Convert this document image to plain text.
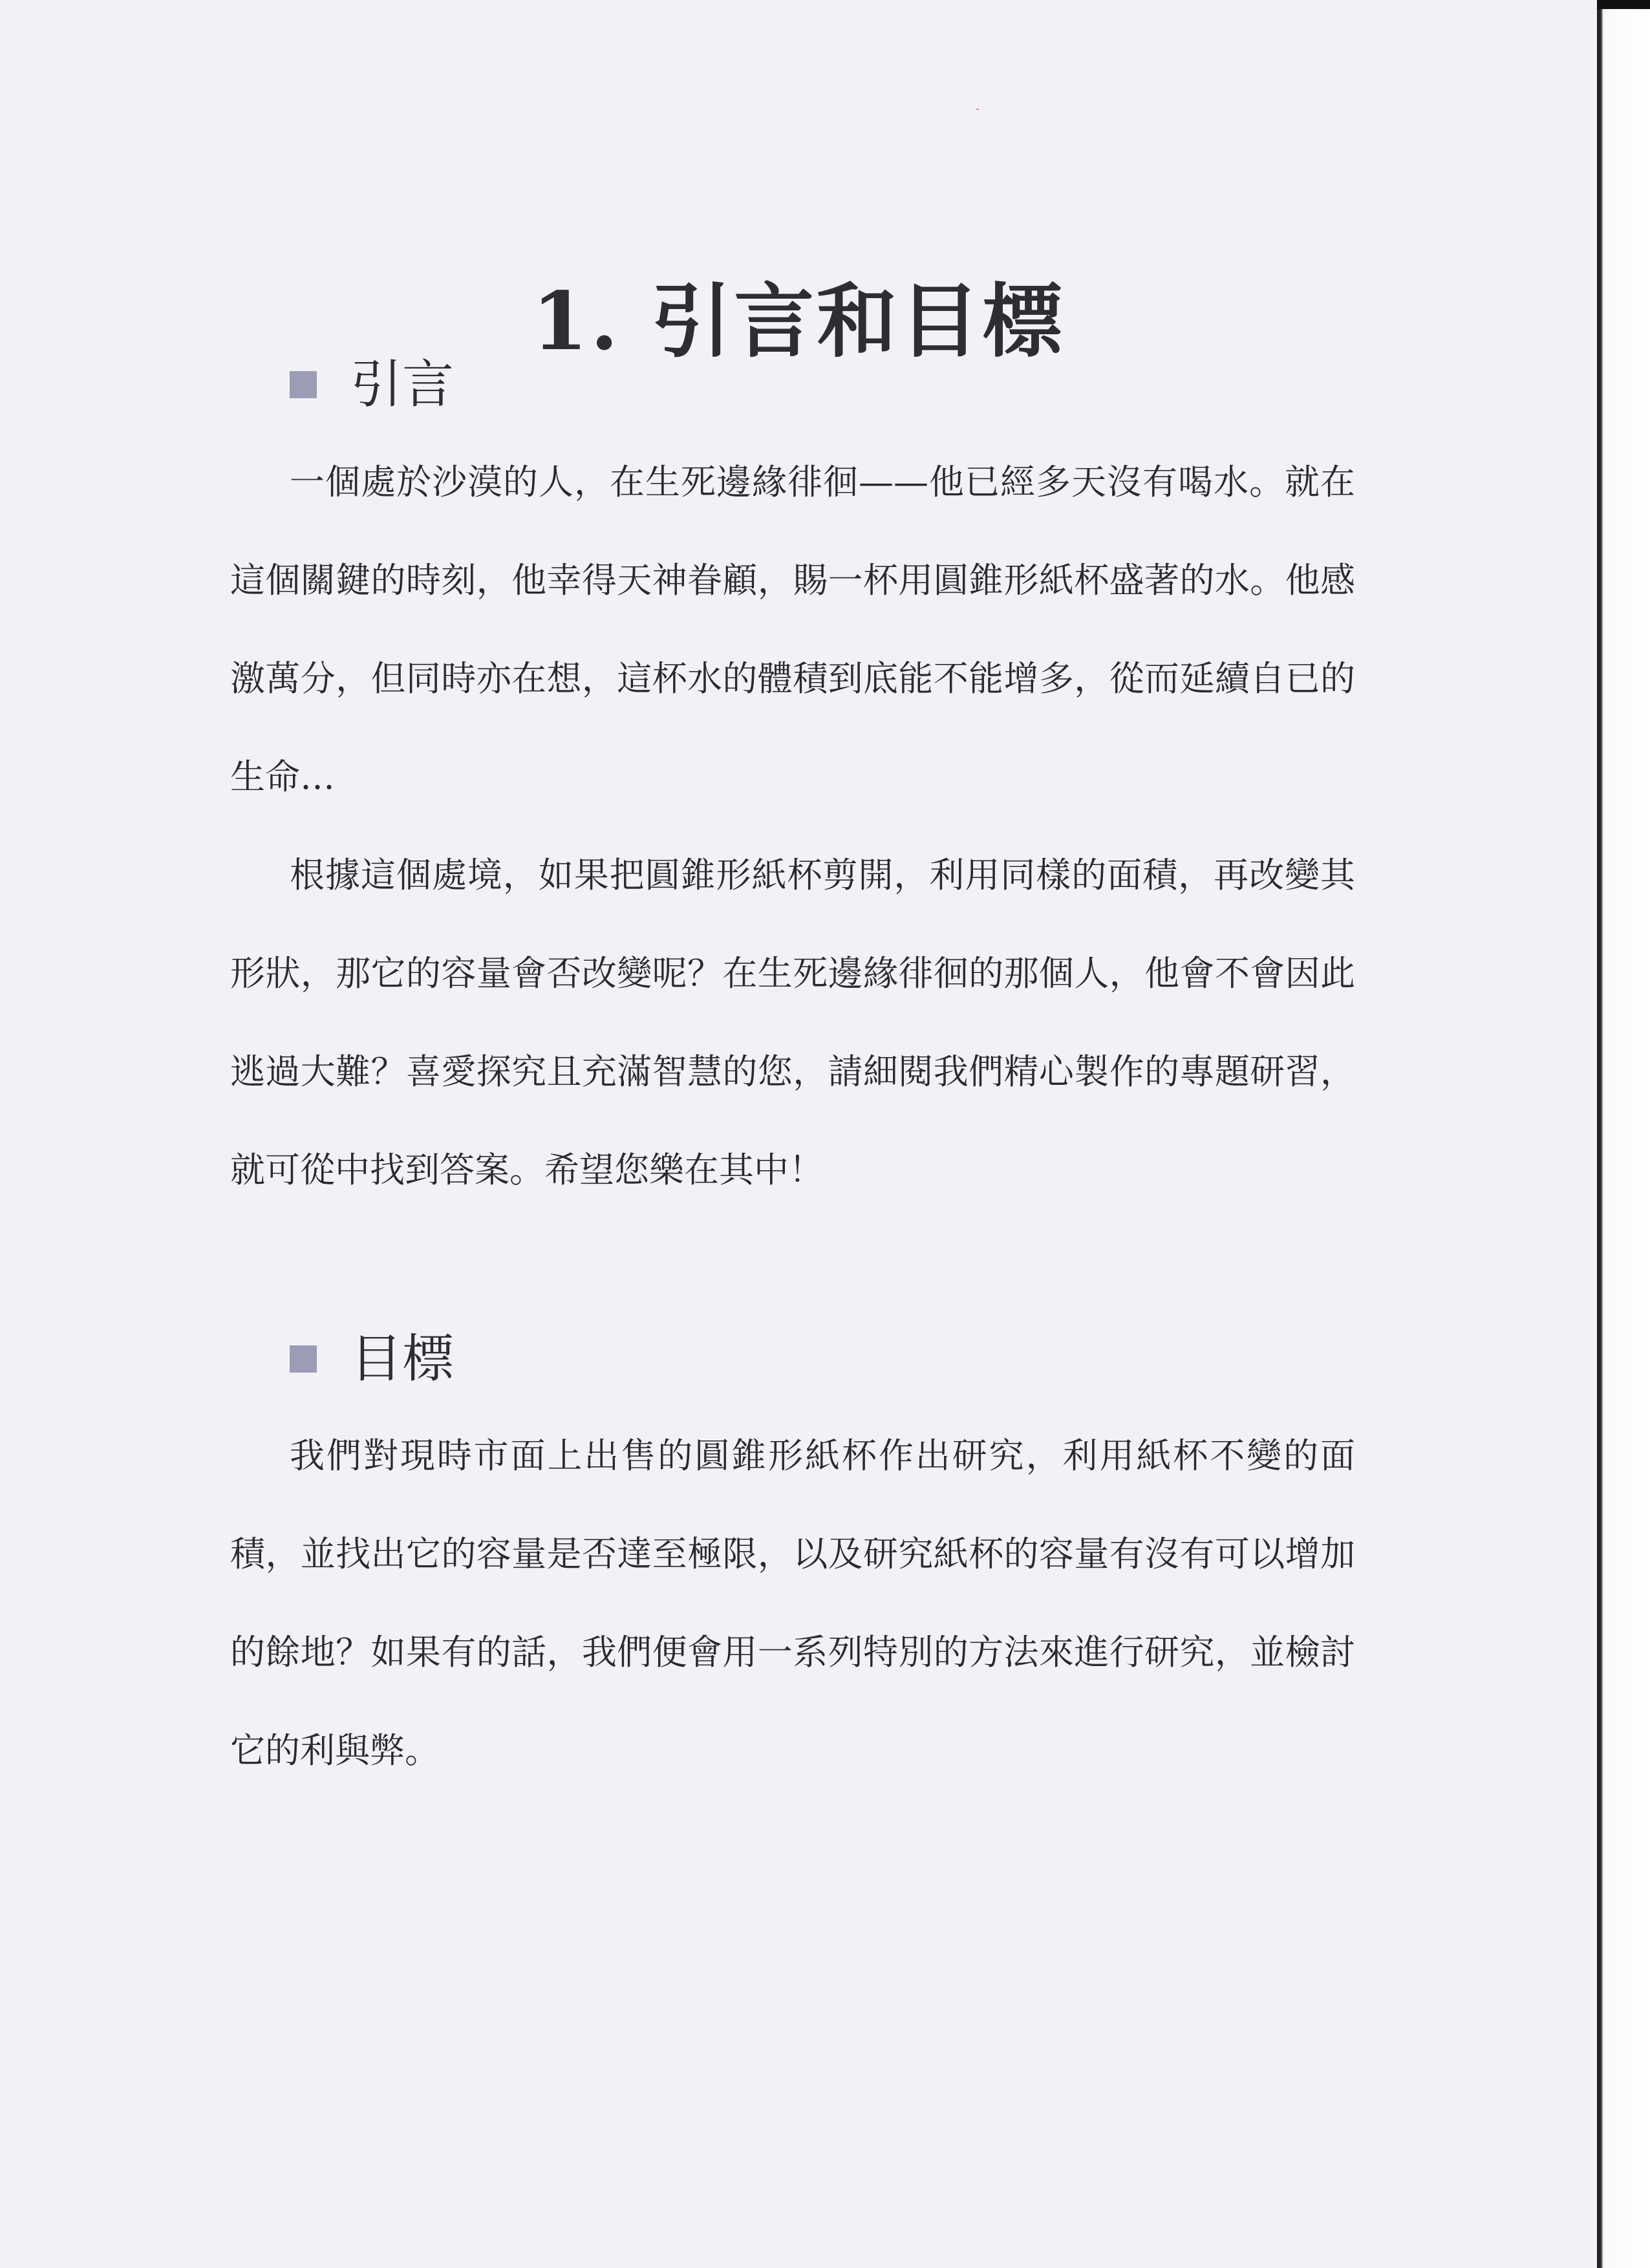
1. 引言和目標
引言

一個處於沙漠的人，在生死邊緣徘徊——他已經多天沒有喝水。就在這個關鍵的時刻，他幸得天神眷顧，賜一杯用圓錐形紙杯盛著的水。他感激萬分，但同時亦在想，這杯水的體積到底能不能增多，從而延續自已的生命…

根據這個處境，如果把圓錐形紙杯剪開，利用同樣的面積，再改變其形狀，那它的容量會否改變呢？在生死邊緣徘徊的那個人，他會不會因此逃過大難？喜愛探究且充滿智慧的您，請細閱我們精心製作的專題研習，就可從中找到答案。希望您樂在其中！

目標

我們對現時市面上出售的圓錐形紙杯作出研究，利用紙杯不變的面積，並找出它的容量是否達至極限，以及研究紙杯的容量有沒有可以增加的餘地？如果有的話，我們便會用一系列特別的方法來進行研究，並檢討它的利與弊。
